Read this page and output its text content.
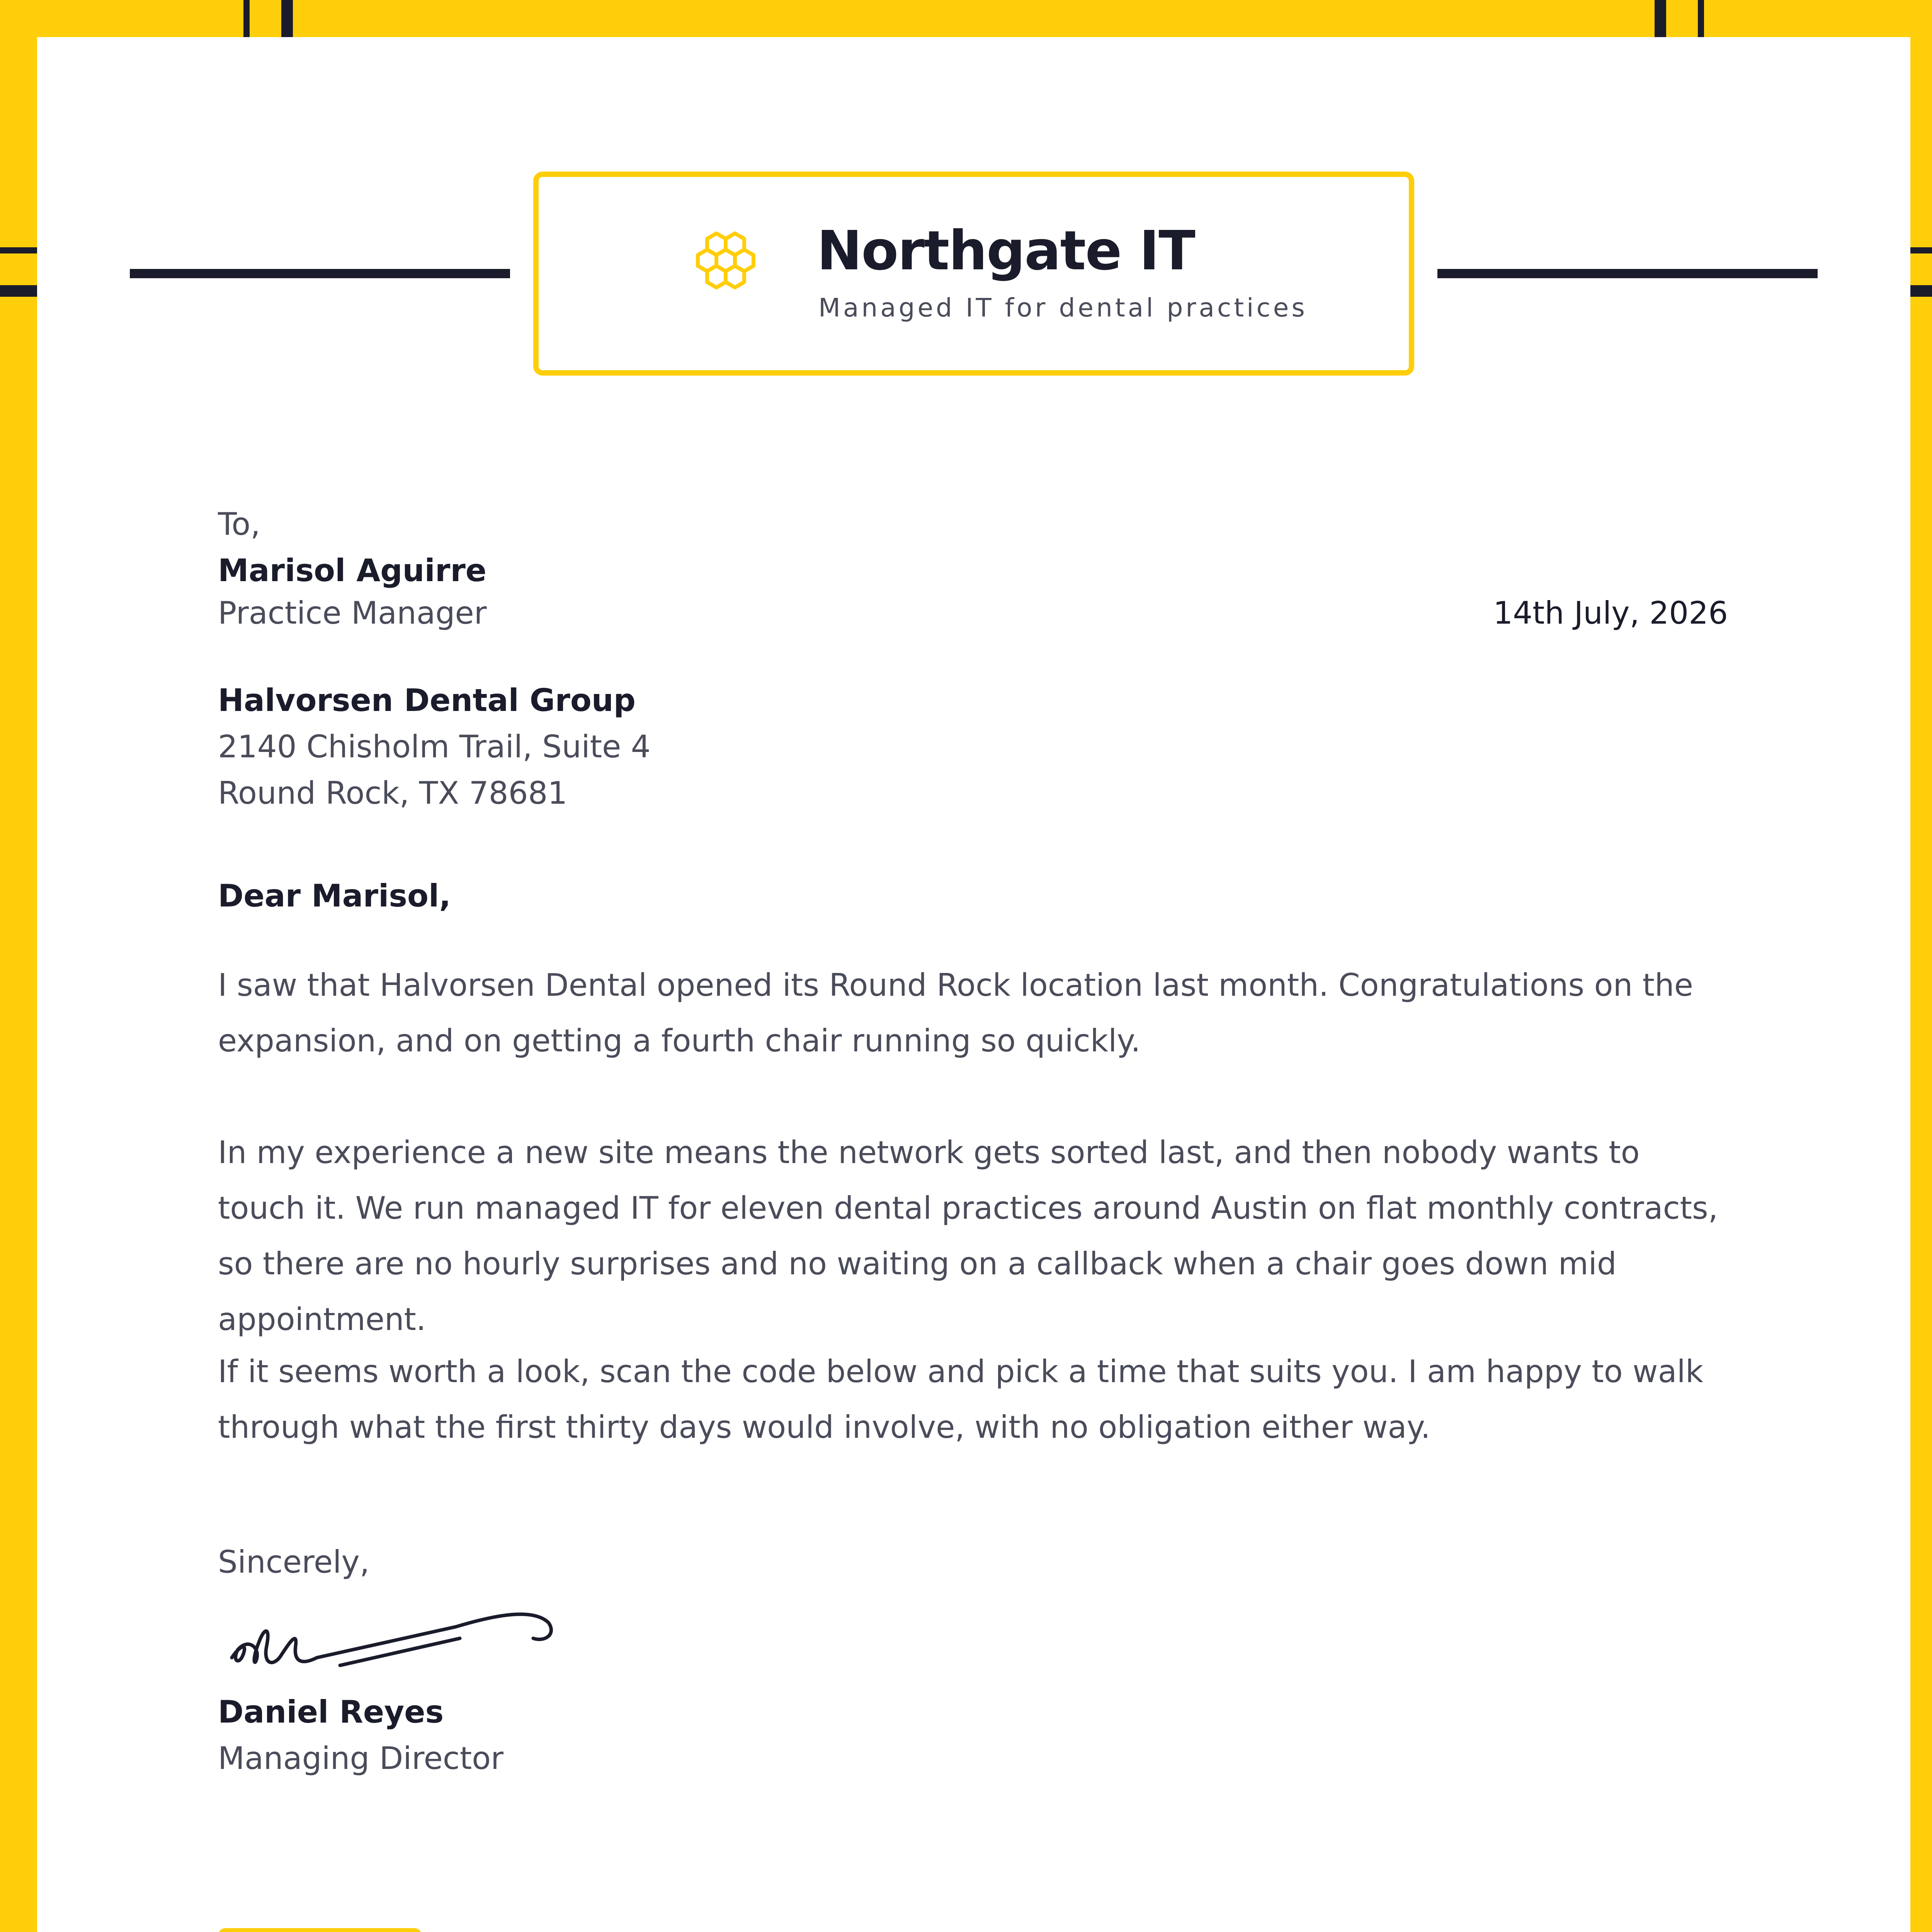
Northgate IT
Managed IT for dental practices
To,
Marisol Aguirre
Practice Manager	14th July, 2026
Halvorsen Dental Group
2140 Chisholm Trail, Suite 4
Round Rock, TX 78681
Dear Marisol,
I saw that Halvorsen Dental opened its Round Rock location last month. Congratulations on the expansion, and on getting a fourth chair running so quickly.
In my experience a new site means the network gets sorted last, and then nobody wants to touch it. We run managed IT for eleven dental practices around Austin on flat monthly contracts, so there are no hourly surprises and no waiting on a callback when a chair goes down mid appointment.
If it seems worth a look, scan the code below and pick a time that suits you. I am happy to walk through what the first thirty days would involve, with no obligation either way.
Sincerely,
Daniel Reyes
Managing Director
